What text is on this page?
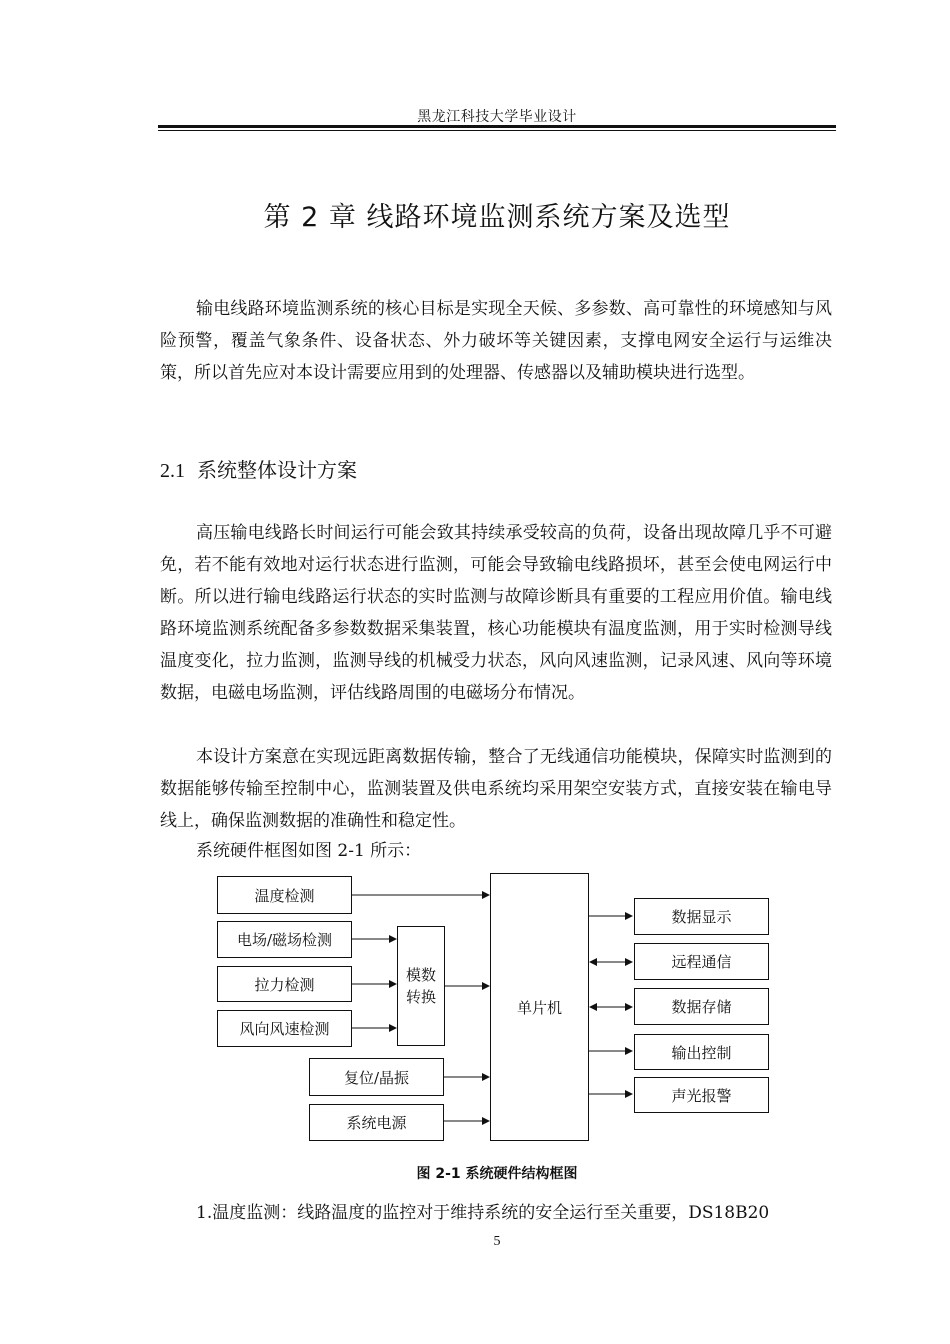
黑龙江科技大学毕业设计
第 2 章 线路环境监测系统方案及选型

输电线路环境监测系统的核心目标是实现全天候、多参数、高可靠性的环境感知与风险预警，覆盖气象条件、设备状态、外力破坏等关键因素，支撑电网安全运行与运维决策，所以首先应对本设计需要应用到的处理器、传感器以及辅助模块进行选型。

2.1 系统整体设计方案

高压输电线路长时间运行可能会致其持续承受较高的负荷，设备出现故障几乎不可避免，若不能有效地对运行状态进行监测，可能会导致输电线路损坏，甚至会使电网运行中断。所以进行输电线路运行状态的实时监测与故障诊断具有重要的工程应用价值。输电线路环境监测系统配备多参数数据采集装置，核心功能模块有温度监测，用于实时检测导线温度变化，拉力监测，监测导线的机械受力状态，风向风速监测，记录风速、风向等环境数据，电磁电场监测，评估线路周围的电磁场分布情况。

本设计方案意在实现远距离数据传输，整合了无线通信功能模块，保障实时监测到的数据能够传输至控制中心，监测装置及供电系统均采用架空安装方式，直接安装在输电导线上，确保监测数据的准确性和稳定性。

系统硬件框图如图 2-1 所示：

温度检测
电场/磁场检测
拉力检测
风向风速检测
模数
转换
复位/晶振
系统电源
单片机
数据显示
远程通信
数据存储
输出控制
声光报警
图 2-1 系统硬件结构框图

1.温度监测：线路温度的监控对于维持系统的安全运行至关重要，DS18B20

5
